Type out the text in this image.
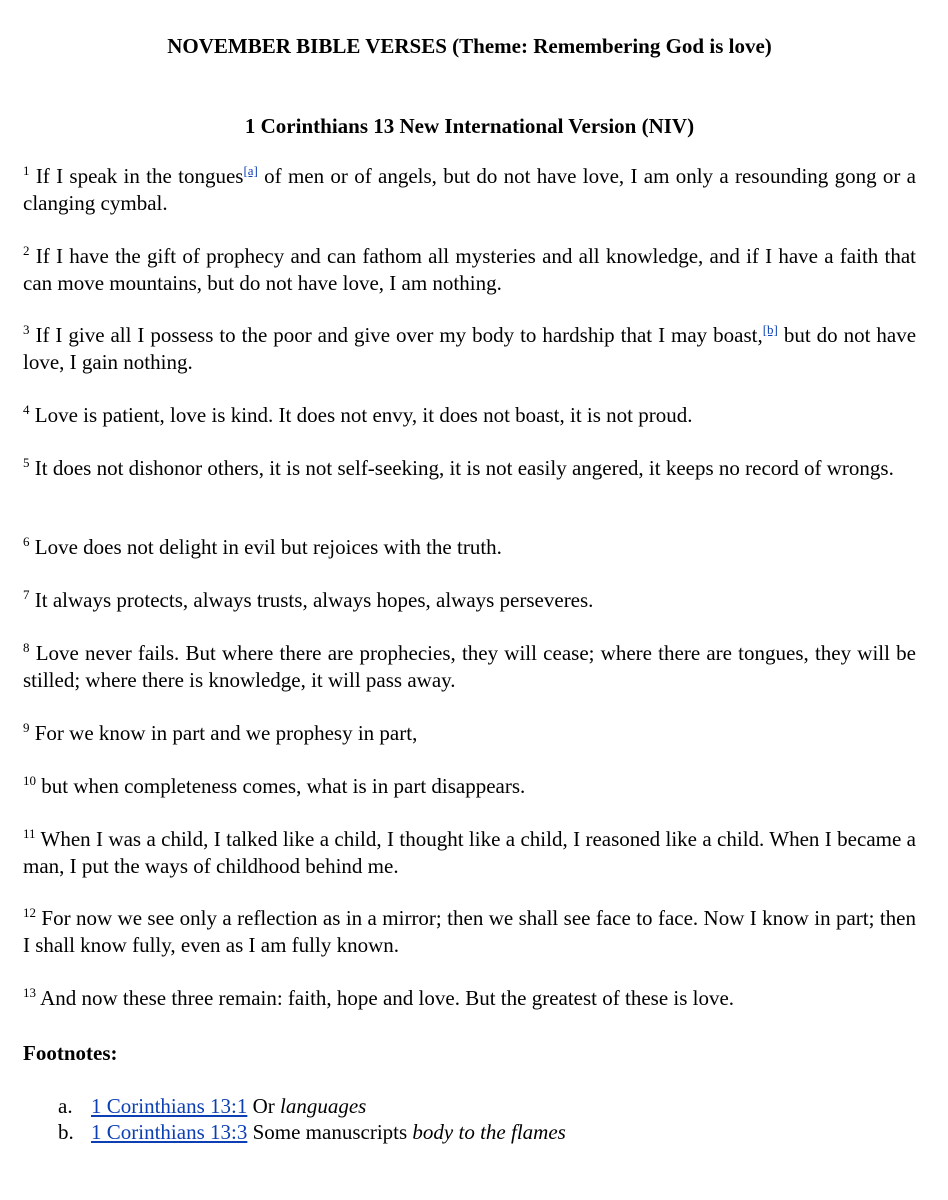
NOVEMBER BIBLE VERSES (Theme: Remembering God is love)
1 Corinthians 13 New International Version (NIV)

$^1$ If I speak in the tongues[a] of men or of angels, but do not have love, I am only a resounding gong or a clanging cymbal.

$^2$ If I have the gift of prophecy and can fathom all mysteries and all knowledge, and if I have a faith that can move mountains, but do not have love, I am nothing.

$^3$ If I give all I possess to the poor and give over my body to hardship that I may boast,[b] but do not have love, I gain nothing.

$^4$ Love is patient, love is kind. It does not envy, it does not boast, it is not proud.

$^5$ It does not dishonor others, it is not self-seeking, it is not easily angered, it keeps no record of wrongs.

$^6$ Love does not delight in evil but rejoices with the truth.

$^7$ It always protects, always trusts, always hopes, always perseveres.

$^8$ Love never fails. But where there are prophecies, they will cease; where there are tongues, they will be stilled; where there is knowledge, it will pass away.

$^9$ For we know in part and we prophesy in part,

$^{10}$ but when completeness comes, what is in part disappears.

$^{11}$ When I was a child, I talked like a child, I thought like a child, I reasoned like a child. When I became a man, I put the ways of childhood behind me.

$^{12}$ For now we see only a reflection as in a mirror; then we shall see face to face. Now I know in part; then I shall know fully, even as I am fully known.

$^{13}$ And now these three remain: faith, hope and love. But the greatest of these is love.

Footnotes:

a. 1 Corinthians 13:1 Or languages
b. 1 Corinthians 13:3 Some manuscripts body to the flames
